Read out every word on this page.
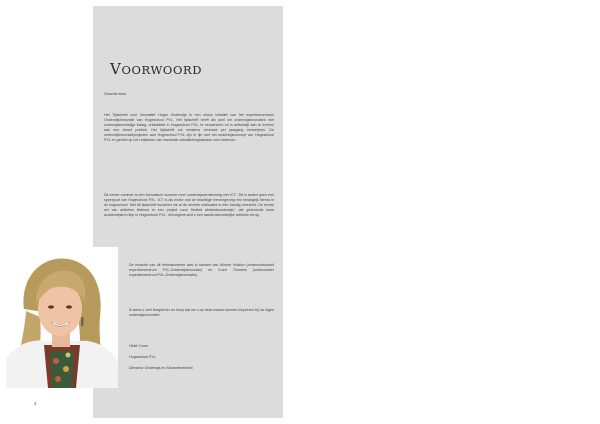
VOORWOORD

Geachte lezer

Het Tijdschrift voor Innovatief Hoger Onderwijs is een nieuw initiatief van het expertisecentrum Onderwijsinnovatie van Hogeschool PXL. Het tijdschrift heeft als doel om onderwijsinnovaties met onderwijskennistige inslag, ontwikkeld in Hogeschool PXL, te verzamelen en in artikelstijl aan te leveren aan een breed publiek. Het tijdschrift zal minstens eenmaal per jaargang verschijnen. De onderwijsinnovatieprojecten aan Hogeschool PXL zijn in lijn met het onderwijsconcept van Hogeschool PXL en gericht op het realiseren van maximale ontwikkelingskansen voor iedereen.

Dit eerste nummer is een thematisch nummer rond ‘onderwijsvernieuwing met ICT’. Dit is sedert jaren een speerpunt van Hogeschool PXL. ICT is als motor van de krachtige leeromgeving een belangrijk thema in de hogeschool. Met dit tijdschrift bundelen we al de recente realisaties in één handig overzicht. De eerste set van artikelen leidenm in een project rond ‘flexibel afstandsonderwijs’, dat gedurende twee academiejaren liep in Hogeschool PXL. Vervolgens sluit u een aantal afzonderlijke artikelen terug.

De redactie van dit themanummer was in handen van Wouter Hustinx (onderzoeksdoelt expertisecentrum PXL-Onderwijsinnovatie) en Koen Timmers (onderzoeker expertisecentrum PXL-Onderwijsinnovatie).

Ik wens u veel leesplezier en hoop dat we u op deze manier kunnen inspireren bij uw eigen onderwijsinnovatie!

Heidi Croes

Hogeschool PXL

Directeur Onderwijs en Studentenbeleid

4
